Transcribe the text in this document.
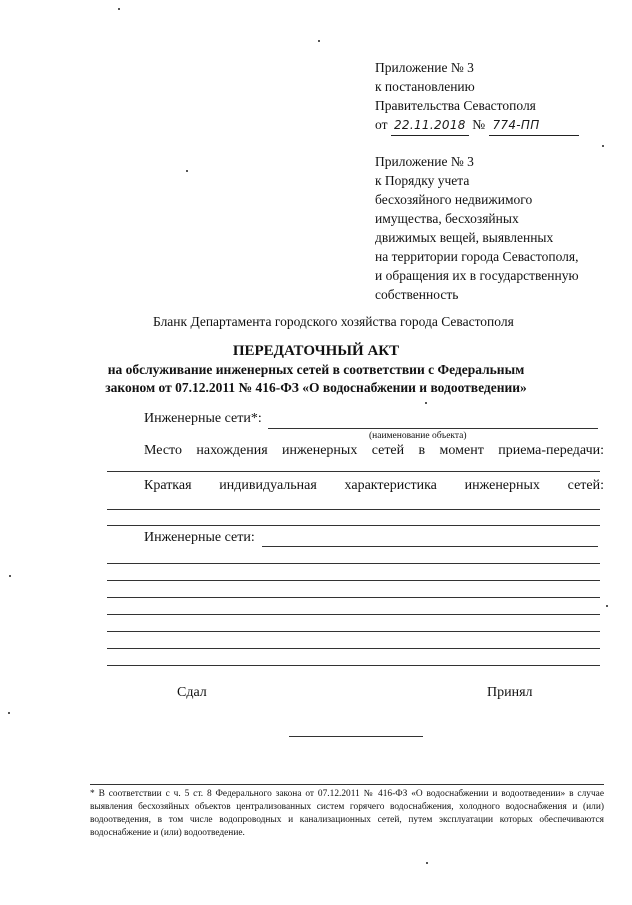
Приложение № 3
к постановлению
Правительства Севастополя
от 22.11.2018 № 774-ПП
Приложение № 3
к Порядку учета
бесхозяйного недвижимого
имущества, бесхозяйных
движимых вещей, выявленных
на территории города Севастополя,
и обращения их в государственную
собственность
Бланк Департамента городского хозяйства города Севастополя
ПЕРЕДАТОЧНЫЙ АКТ
на обслуживание инженерных сетей в соответствии с Федеральным
законом от 07.12.2011 № 416-ФЗ «О водоснабжении и водоотведении»
Инженерные сети*:
(наименование объекта)
Место нахождения инженерных сетей в момент приема-передачи:
Краткая индивидуальная характеристика инженерных сетей:
Инженерные сети:
Сдал	Принял
* В соответствии с ч. 5 ст. 8 Федерального закона от 07.12.2011 № 416-ФЗ «О водоснабжении и водоотведении» в случае выявления бесхозяйных объектов централизованных систем горячего водоснабжения, холодного водоснабжения и (или) водоотведения, в том числе водопроводных и канализационных сетей, путем эксплуатации которых обеспечиваются водоснабжение и (или) водоотведение.
